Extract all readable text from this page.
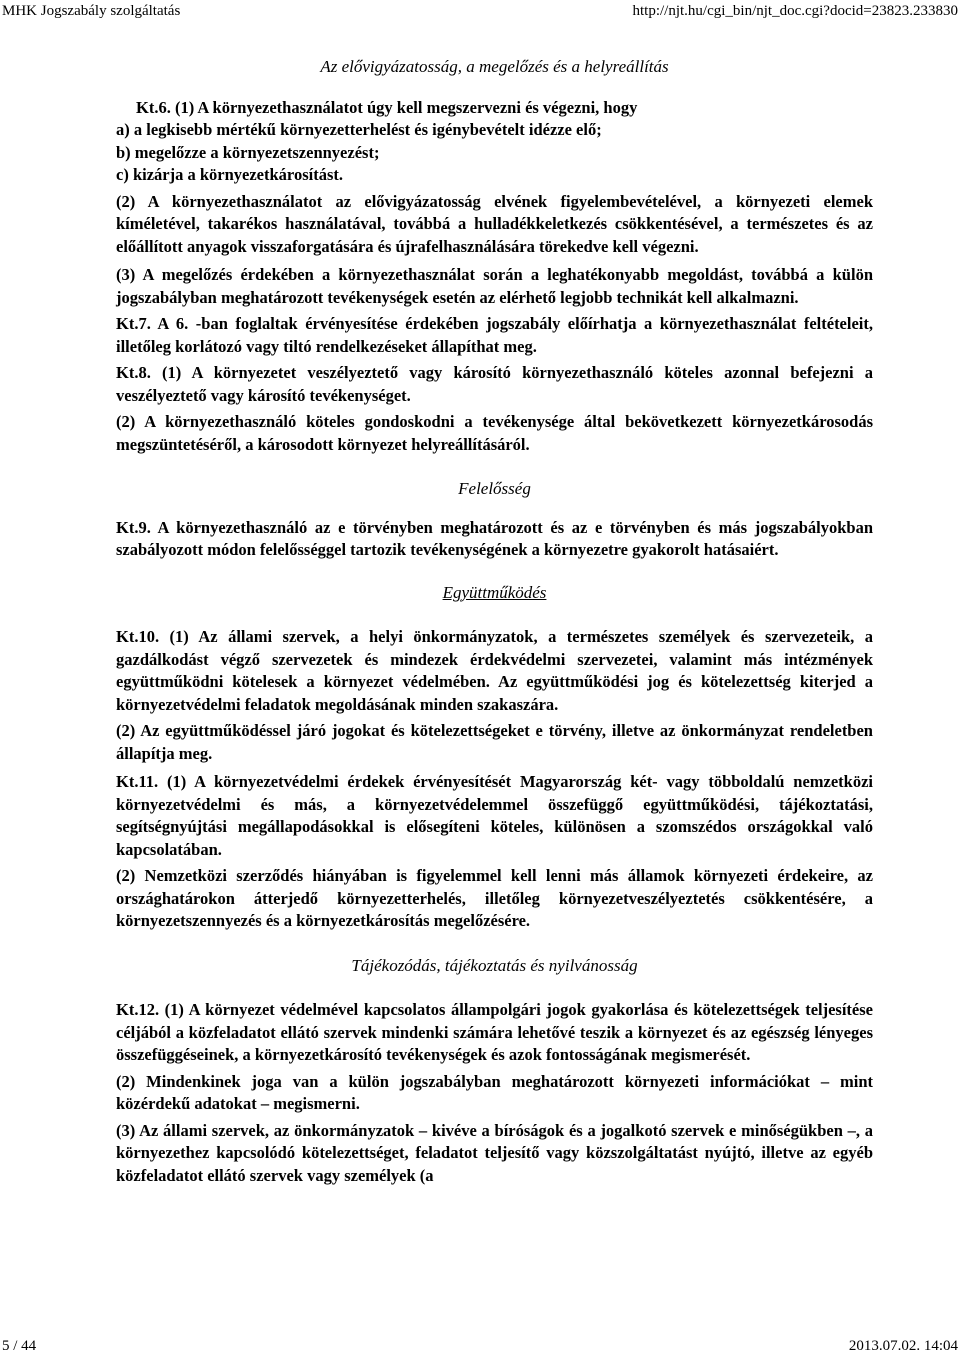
MHK Jogszabály szolgáltatás	http://njt.hu/cgi_bin/njt_doc.cgi?docid=23823.233830
Az elővigyázatosság, a megelőzés és a helyreállítás

Kt.6. (1) A környezethasználatot úgy kell megszervezni és végezni, hogy

a) a legkisebb mértékű környezetterhelést és igénybevételt idézze elő;

b) megelőzze a környezetszennyezést;

c) kizárja a környezetkárosítást.

(2) A környezethasználatot az elővigyázatosság elvének figyelembevételével, a környezeti elemek kíméletével, takarékos használatával, továbbá a hulladékkeletkezés csökkentésével, a természetes és az előállított anyagok visszaforgatására és újrafelhasználására törekedve kell végezni.

(3) A megelőzés érdekében a környezethasználat során a leghatékonyabb megoldást, továbbá a külön jogszabályban meghatározott tevékenységek esetén az elérhető legjobb technikát kell alkalmazni.

Kt.7. A 6. -ban foglaltak érvényesítése érdekében jogszabály előírhatja a környezethasználat feltételeit, illetőleg korlátozó vagy tiltó rendelkezéseket állapíthat meg.

Kt.8. (1) A környezetet veszélyeztető vagy károsító környezethasználó köteles azonnal befejezni a veszélyeztető vagy károsító tevékenységet.

(2) A környezethasználó köteles gondoskodni a tevékenysége által bekövetkezett környezetkárosodás megszüntetéséről, a károsodott környezet helyreállításáról.

Felelősség

Kt.9. A környezethasználó az e törvényben meghatározott és az e törvényben és más jogszabályokban szabályozott módon felelősséggel tartozik tevékenységének a környezetre gyakorolt hatásaiért.

Együttműködés

Kt.10. (1) Az állami szervek, a helyi önkormányzatok, a természetes személyek és szervezeteik, a gazdálkodást végző szervezetek és mindezek érdekvédelmi szervezetei, valamint más intézmények együttműködni kötelesek a környezet védelmében. Az együttműködési jog és kötelezettség kiterjed a környezetvédelmi feladatok megoldásának minden szakaszára.

(2) Az együttműködéssel járó jogokat és kötelezettségeket e törvény, illetve az önkormányzat rendeletben állapítja meg.

Kt.11. (1) A környezetvédelmi érdekek érvényesítését Magyarország két- vagy többoldalú nemzetközi környezetvédelmi és más, a környezetvédelemmel összefüggő együttműködési, tájékoztatási, segítségnyújtási megállapodásokkal is elősegíteni köteles, különösen a szomszédos országokkal való kapcsolatában.

(2) Nemzetközi szerződés hiányában is figyelemmel kell lenni más államok környezeti érdekeire, az országhatárokon átterjedő környezetterhelés, illetőleg környezetveszélyeztetés csökkentésére, a környezetszennyezés és a környezetkárosítás megelőzésére.

Tájékozódás, tájékoztatás és nyilvánosság

Kt.12. (1) A környezet védelmével kapcsolatos állampolgári jogok gyakorlása és kötelezettségek teljesítése céljából a közfeladatot ellátó szervek mindenki számára lehetővé teszik a környezet és az egészség lényeges összefüggéseinek, a környezetkárosító tevékenységek és azok fontosságának megismerését.

(2) Mindenkinek joga van a külön jogszabályban meghatározott környezeti információkat – mint közérdekű adatokat – megismerni.

(3) Az állami szervek, az önkormányzatok – kivéve a bíróságok és a jogalkotó szervek e minőségükben –, a környezethez kapcsolódó kötelezettséget, feladatot teljesítő vagy közszolgáltatást nyújtó, illetve az egyéb közfeladatot ellátó szervek vagy személyek (a

5 / 44	2013.07.02. 14:04
